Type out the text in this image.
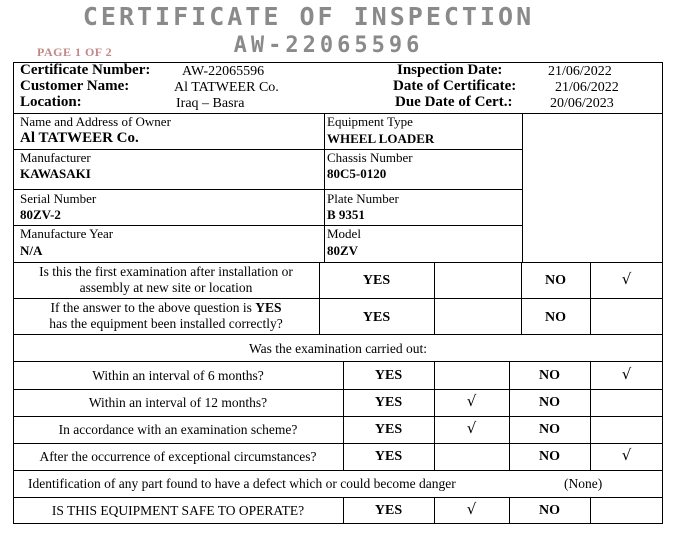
CERTIFICATE OF INSPECTION
AW-22065596
PAGE 1 OF 2
Certificate Number: AW-22065596
Customer Name:	Al TATWEER Co.
Location:	Iraq – Basra
Inspection Date:	21/06/2022
Date of Certificate:	21/06/2022
Due Date of Cert.:	20/06/2023
Name and Address of Owner
Al TATWEER Co.
Equipment Type
WHEEL LOADER
Manufacturer
KAWASAKI
Chassis Number
80C5-0120
Serial Number
80ZV-2
Plate Number
B 9351
Manufacture Year
N/A
Model
80ZV
Is this the first examination after installation or
assembly at new site or location	YES	NO	√
If the answer to the above question is YES
has the equipment been installed correctly?	YES	NO
Was the examination carried out:
Within an interval of 6 months?	YES	NO	√
Within an interval of 12 months?	YES	√	NO
In accordance with an examination scheme?	YES	√	NO
After the occurrence of exceptional circumstances?	YES	NO	√
Identification of any part found to have a defect which or could become danger	(None)
IS THIS EQUIPMENT SAFE TO OPERATE?	YES	√	NO
